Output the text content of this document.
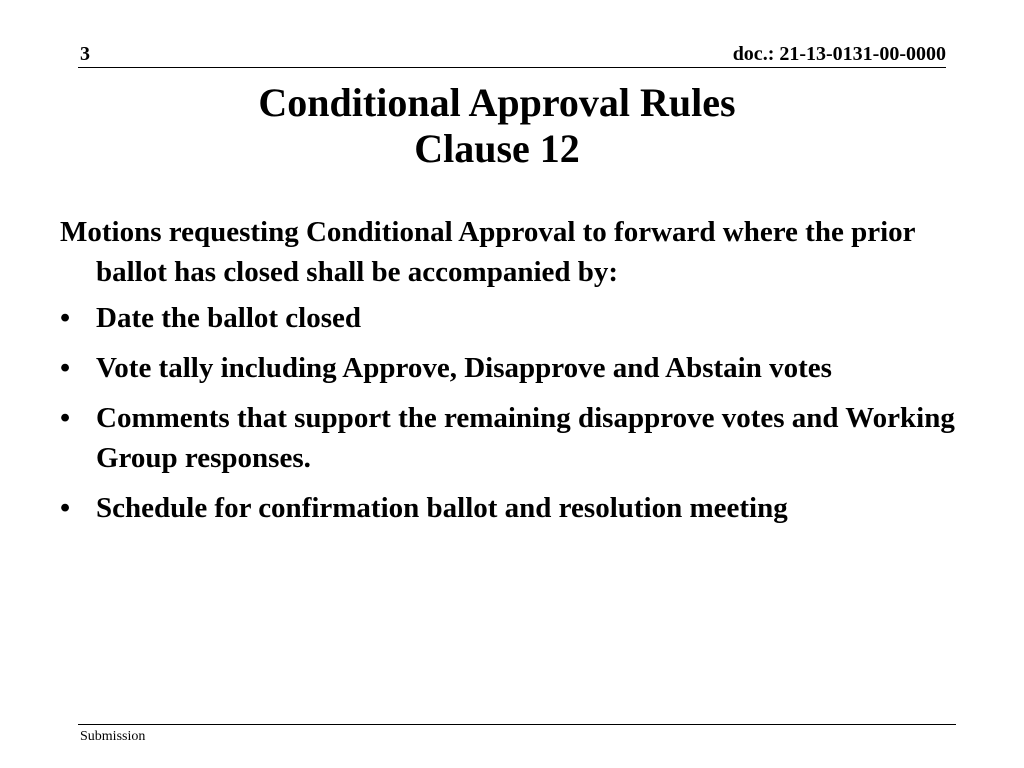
3	doc.: 21-13-0131-00-0000
Conditional Approval Rules
Clause 12

Motions requesting Conditional Approval to forward where the prior ballot has closed shall be accompanied by:

• Date the ballot closed
• Vote tally including Approve, Disapprove and Abstain votes
• Comments that support the remaining disapprove votes and Working Group responses.
• Schedule for confirmation ballot and resolution meeting
Submission
